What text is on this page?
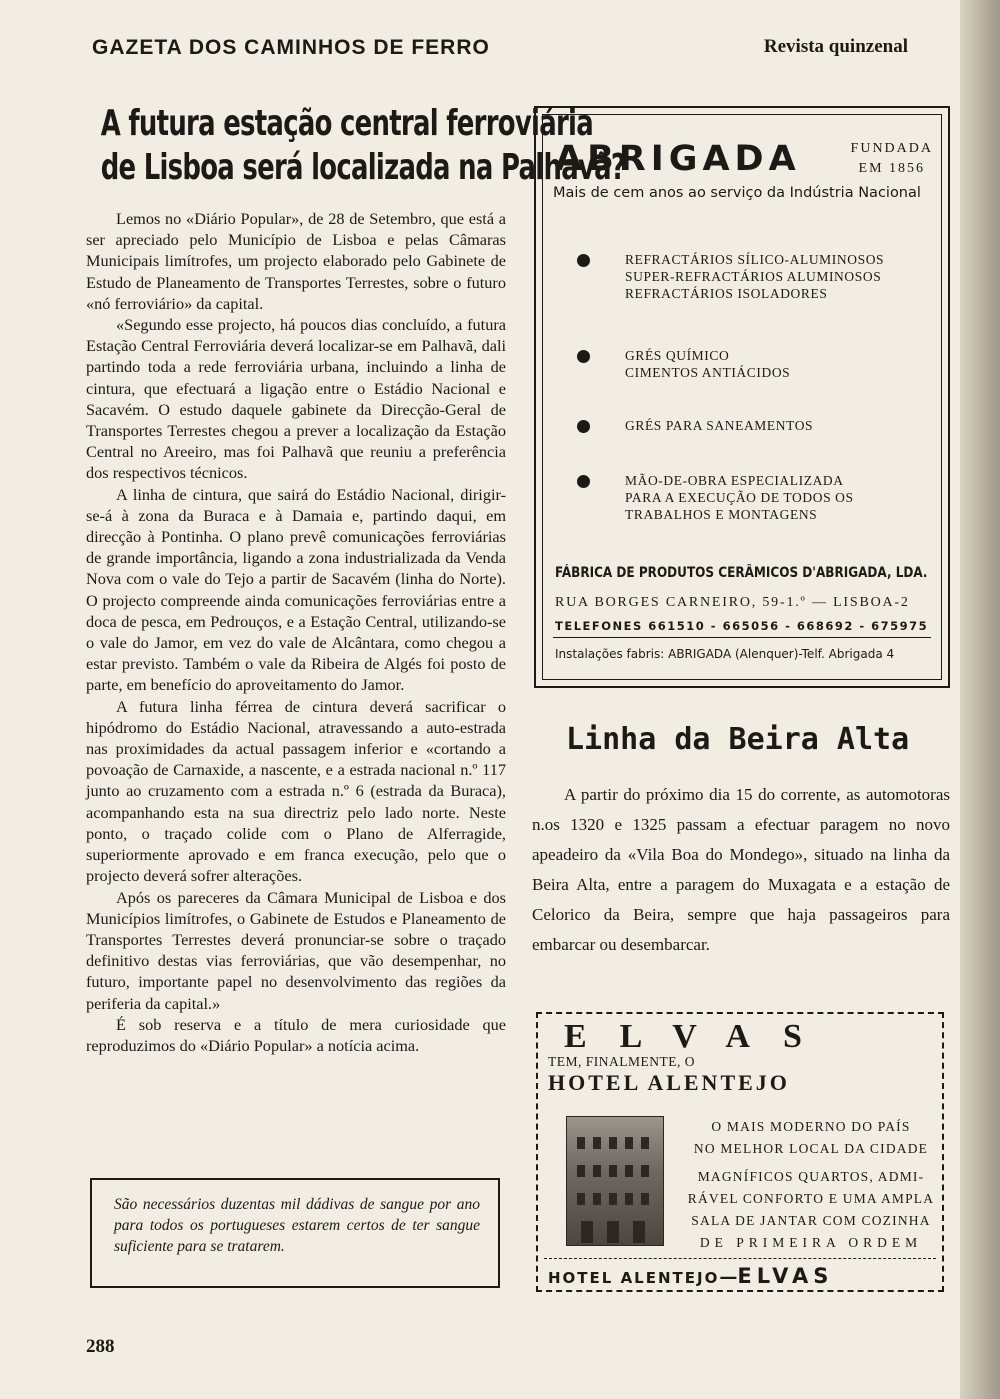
GAZETA DOS CAMINHOS DE FERRO	Revista quinzenal
A futura estação central ferroviária
de Lisboa será localizada na Palhavã?

Lemos no «Diário Popular», de 28 de Setembro, que está a ser apreciado pelo Município de Lisboa e pelas Câmaras Municipais limítrofes, um projecto elaborado pelo Gabinete de Estudo de Planeamento de Transportes Terrestes, sobre o futuro «nó ferroviário» da capital.

«Segundo esse projecto, há poucos dias concluído, a futura Estação Central Ferroviária deverá localizar-se em Palhavã, dali partindo toda a rede ferroviária urbana, incluindo a linha de cintura, que efectuará a ligação entre o Estádio Nacional e Sacavém. O estudo daquele gabinete da Direcção-Geral de Transportes Terrestes chegou a prever a localização da Estação Central no Areeiro, mas foi Palhavã que reuniu a preferência dos respectivos técnicos.

A linha de cintura, que sairá do Estádio Nacional, dirigir-se-á à zona da Buraca e à Damaia e, partindo daqui, em direcção à Pontinha. O plano prevê comunicações ferroviárias de grande importância, ligando a zona industrializada da Venda Nova com o vale do Tejo a partir de Sacavém (linha do Norte). O projecto compreende ainda comunicações ferroviárias entre a doca de pesca, em Pedrouços, e a Estação Central, utilizando-se o vale do Jamor, em vez do vale de Alcântara, como chegou a estar previsto. Também o vale da Ribeira de Algés foi posto de parte, em benefício do aproveitamento do Jamor.

A futura linha férrea de cintura deverá sacrificar o hipódromo do Estádio Nacional, atravessando a auto-estrada nas proximidades da actual passagem inferior e «cortando a povoação de Carnaxide, a nascente, e a estrada nacional n.º 117 junto ao cruzamento com a estrada n.º 6 (estrada da Buraca), acompanhando esta na sua directriz pelo lado norte. Neste ponto, o traçado colide com o Plano de Alferragide, superiormente aprovado e em franca execução, pelo que o projecto deverá sofrer alterações.

Após os pareceres da Câmara Municipal de Lisboa e dos Municípios limítrofes, o Gabinete de Estudos e Planeamento de Transportes Terrestes deverá pronunciar-se sobre o traçado definitivo destas vias ferroviárias, que vão desempenhar, no futuro, importante papel no desenvolvimento das regiões da periferia da capital.»

É sob reserva e a título de mera curiosidade que reproduzimos do «Diário Popular» a notícia acima.

São necessários duzentas mil dádivas de sangue por ano para todos os portugueses estarem certos de ter sangue suficiente para se tratarem.
288
ABRIGADA	FUNDADA
EM 1856
Mais de cem anos ao serviço da Indústria Nacional
REFRACTÁRIOS SÍLICO-ALUMINOSOS
SUPER-REFRACTÁRIOS ALUMINOSOS
REFRACTÁRIOS ISOLADORES
GRÉS QUÍMICO
CIMENTOS ANTIÁCIDOS
GRÉS PARA SANEAMENTOS
MÃO-DE-OBRA ESPECIALIZADA
PARA A EXECUÇÃO DE TODOS OS
TRABALHOS E MONTAGENS
FÁBRICA DE PRODUTOS CERÂMICOS D'ABRIGADA, LDA.
RUA BORGES CARNEIRO, 59-1.º — LISBOA-2
TELEFONES 661510 - 665056 - 668692 - 675975
Instalações fabris: ABRIGADA (Alenquer)-Telf. Abrigada 4
Linha da Beira Alta

A partir do próximo dia 15 do corrente, as automotoras n.os 1320 e 1325 passam a efectuar paragem no novo apeadeiro da «Vila Boa do Mondego», situado na linha da Beira Alta, entre a paragem do Muxagata e a estação de Celorico da Beira, sempre que haja passageiros para embarcar ou desembarcar.

ELVAS
TEM, FINALMENTE, O
HOTEL ALENTEJO
O MAIS MODERNO DO PAÍS
NO MELHOR LOCAL DA CIDADE
MAGNÍFICOS QUARTOS, ADMI-
RÁVEL CONFORTO E UMA AMPLA
SALA DE JANTAR COM COZINHA
DE PRIMEIRA ORDEM
HOTEL ALENTEJO—ELVAS
